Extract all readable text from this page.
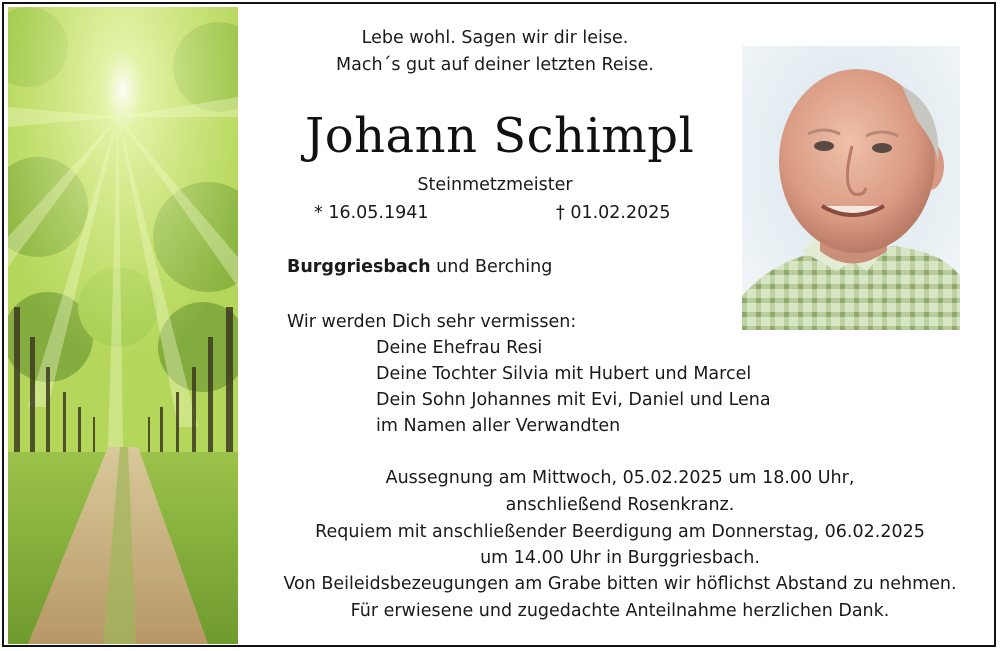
Lebe wohl. Sagen wir dir leise.
Mach´s gut auf deiner letzten Reise.
Johann Schimpl
Steinmetzmeister
* 16.05.1941	† 01.02.2025
Burggriesbach und Berching
Wir werden Dich sehr vermissen:
Deine Ehefrau Resi
Deine Tochter Silvia mit Hubert und Marcel
Dein Sohn Johannes mit Evi, Daniel und Lena
im Namen aller Verwandten
Aussegnung am Mittwoch, 05.02.2025 um 18.00 Uhr,
anschließend Rosenkranz.
Requiem mit anschließender Beerdigung am Donnerstag, 06.02.2025
um 14.00 Uhr in Burggriesbach.
Von Beileidsbezeugungen am Grabe bitten wir höflichst Abstand zu nehmen.
Für erwiesene und zugedachte Anteilnahme herzlichen Dank.
